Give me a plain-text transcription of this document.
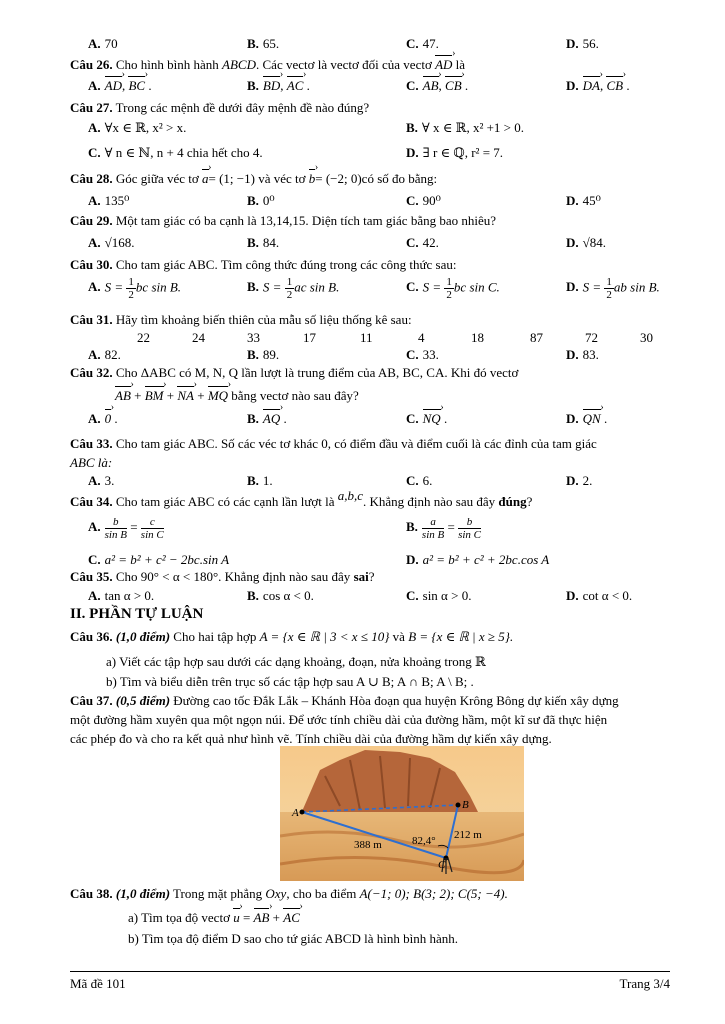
A. 70	B. 65.	C. 47.	D. 56.
Câu 26. Cho hình bình hành ABCD. Các vectơ là vectơ đối của vectơ AD › là
A. AD ›, BC › .	B. BD ›, AC › .	C. AB ›, CB › .	D. DA ›, CB › .
Câu 27. Trong các mệnh đề dưới đây mệnh đề nào đúng?
A. ∀x ∈ ℝ, x² > x.	B. ∀ x ∈ ℝ, x² +1 > 0.
C. ∀ n ∈ ℕ, n + 4 chia hết cho 4.	D. ∃ r ∈ ℚ, r² = 7.
Câu 28. Góc giữa véc tơ a ›= (1; −1) và véc tơ b ›= (−2; 0)có số đo bằng:
A. 135⁰	B. 0⁰	C. 90⁰	D. 45⁰
Câu 29. Một tam giác có ba cạnh là 13,14,15. Diện tích tam giác bằng bao nhiêu?
A. √168.	B. 84.	C. 42.	D. √84.
Câu 30. Cho tam giác ABC. Tìm công thức đúng trong các công thức sau:
A. $S = \frac{1}{2}$ bc sin B.	B. $S = \frac{1}{2}$ ac sin B.	C. $S = \frac{1}{2}$ bc sin C.	D. $S = \frac{1}{2}$ ab sin B.
Câu 31. Hãy tìm khoảng biến thiên của mẫu số liệu thống kê sau:
22	24	33	17	11	4	18	87	72	30
A. 82.	B. 89.	C. 33.	D. 83.
Câu 32. Cho ΔABC có M, N, Q lần lượt là trung điểm của AB, BC, CA. Khi đó vectơ
AB › + BM › + NA › + MQ › bằng vectơ nào sau đây?
A. 0 › .	B. AQ › .	C. NQ › .	D. QN › .
Câu 33. Cho tam giác ABC. Số các véc tơ khác 0, có điểm đầu và điểm cuối là các đỉnh của tam giác
ABC là:
A. 3.	B. 1.	C. 6.	D. 2.
Câu 34. Cho tam giác ABC có các cạnh lần lượt là a,b,c. Khẳng định nào sau đây đúng?
A. $\frac{b}{\text{sin B}} = \frac{c}{\text{sin C}}$	B. $\frac{a}{\text{sin B}} = \frac{b}{\text{sin C}}$
C. a² = b² + c² − 2bc.sin A	D. a² = b² + c² + 2bc.cos A
Câu 35. Cho 90° < α < 180°. Khẳng định nào sau đây sai?
A. tan α > 0.	B. cos α < 0.	C. sin α > 0.	D. cot α < 0.
II. PHẦN TỰ LUẬN
Câu 36. (1,0 điểm) Cho hai tập hợp A = {x ∈ ℝ | 3 < x ≤ 10} và B = {x ∈ ℝ | x ≥ 5}.
a) Viết các tập hợp sau dưới các dạng khoảng, đoạn, nửa khoảng trong ℝ
b) Tìm và biểu diễn trên trục số các tập hợp sau A ∪ B; A ∩ B; A \ B; .
Câu 37. (0,5 điểm) Đường cao tốc Đắk Lắk – Khánh Hòa đoạn qua huyện Krông Bông dự kiến xây dựng
một đường hầm xuyên qua một ngọn núi. Để ước tính chiều dài của đường hầm, một kĩ sư đã thực hiện
các phép đo và cho ra kết quả như hình vẽ. Tính chiều dài của đường hầm dự kiến xây dựng.
A
B
C
388 m
212 m
82,4°
Câu 38. (1,0 điểm) Trong mặt phẳng Oxy, cho ba điểm A(−1; 0); B(3; 2); C(5; −4).
a) Tìm tọa độ vectơ u › = AB › + AC ›
b) Tìm tọa độ điểm D sao cho tứ giác ABCD là hình bình hành.
Mã đề 101	Trang 3/4
